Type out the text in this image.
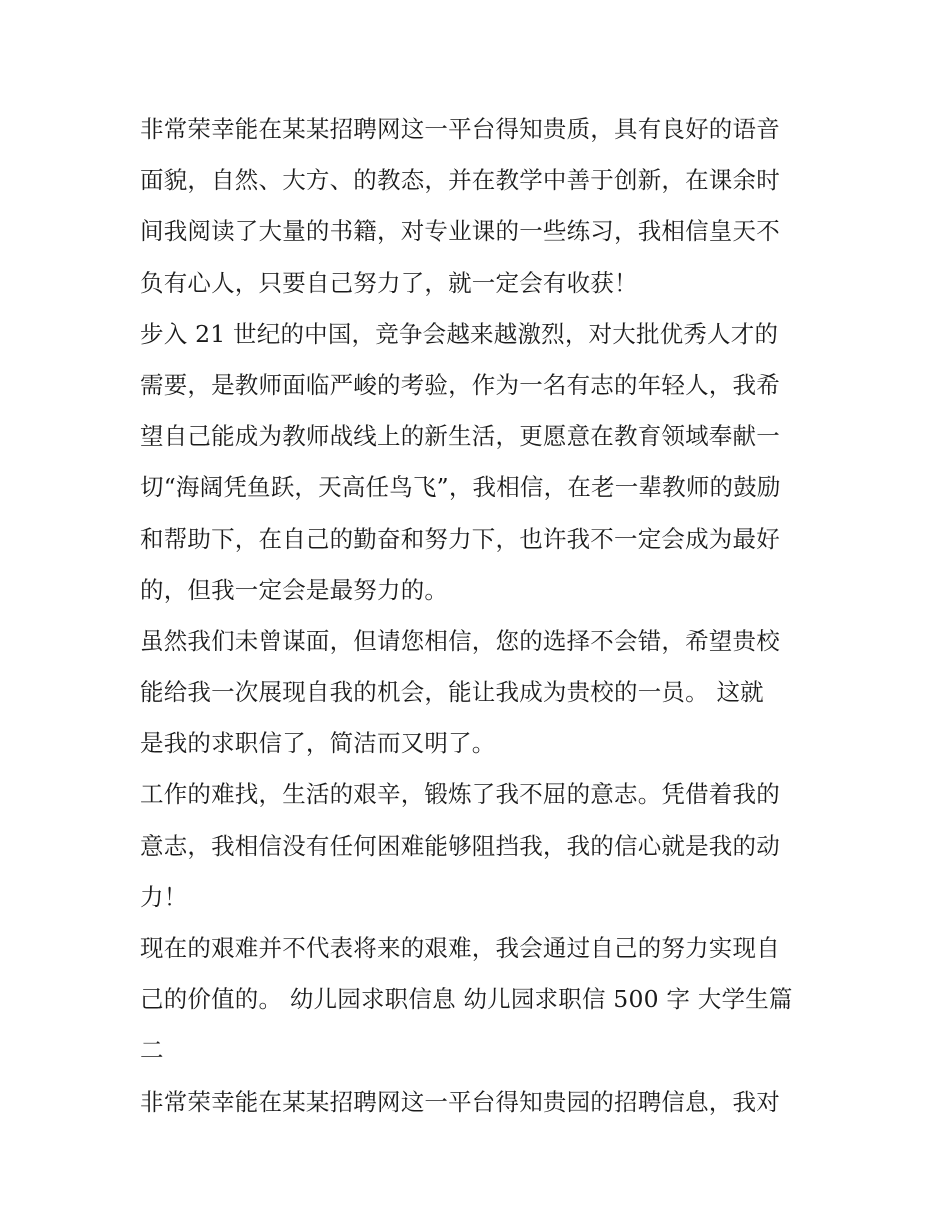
非常荣幸能在某某招聘网这一平台得知贵质，具有良好的语音
面貌，自然、大方、的教态，并在教学中善于创新，在课余时
间我阅读了大量的书籍，对专业课的一些练习，我相信皇天不
负有心人，只要自己努力了，就一定会有收获！
步入 21 世纪的中国，竞争会越来越激烈，对大批优秀人才的
需要，是教师面临严峻的考验，作为一名有志的年轻人，我希
望自己能成为教师战线上的新生活，更愿意在教育领域奉献一
切“海阔凭鱼跃，天高任鸟飞”，我相信，在老一辈教师的鼓励
和帮助下，在自己的勤奋和努力下，也许我不一定会成为最好
的，但我一定会是最努力的。
虽然我们未曾谋面，但请您相信，您的选择不会错，希望贵校
能给我一次展现自我的机会，能让我成为贵校的一员。 这就
是我的求职信了，简洁而又明了。
工作的难找，生活的艰辛，锻炼了我不屈的意志。凭借着我的
意志，我相信没有任何困难能够阻挡我，我的信心就是我的动
力！
现在的艰难并不代表将来的艰难，我会通过自己的努力实现自
己的价值的。 幼儿园求职信息 幼儿园求职信 500 字 大学生篇
二
非常荣幸能在某某招聘网这一平台得知贵园的招聘信息，我对
